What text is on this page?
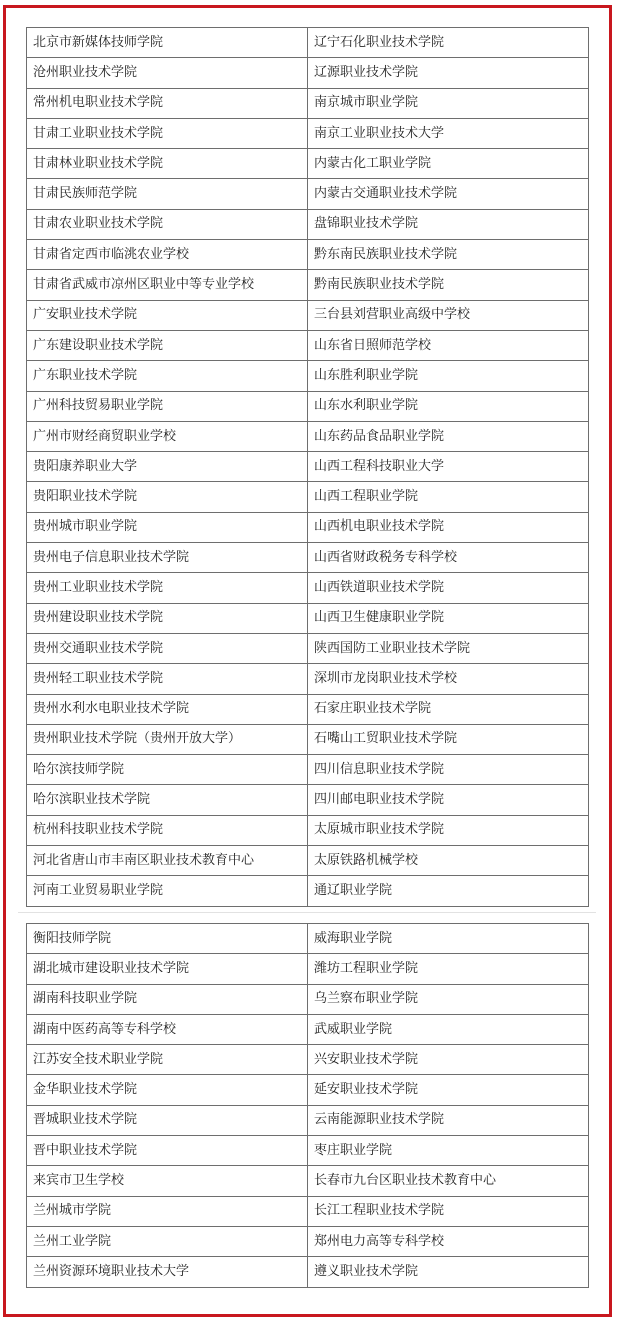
北京市新媒体技师学院	辽宁石化职业技术学院
沧州职业技术学院	辽源职业技术学院
常州机电职业技术学院	南京城市职业学院
甘肃工业职业技术学院	南京工业职业技术大学
甘肃林业职业技术学院	内蒙古化工职业学院
甘肃民族师范学院	内蒙古交通职业技术学院
甘肃农业职业技术学院	盘锦职业技术学院
甘肃省定西市临洮农业学校	黔东南民族职业技术学院
甘肃省武威市凉州区职业中等专业学校	黔南民族职业技术学院
广安职业技术学院	三台县刘营职业高级中学校
广东建设职业技术学院	山东省日照师范学校
广东职业技术学院	山东胜利职业学院
广州科技贸易职业学院	山东水利职业学院
广州市财经商贸职业学校	山东药品食品职业学院
贵阳康养职业大学	山西工程科技职业大学
贵阳职业技术学院	山西工程职业学院
贵州城市职业学院	山西机电职业技术学院
贵州电子信息职业技术学院	山西省财政税务专科学校
贵州工业职业技术学院	山西铁道职业技术学院
贵州建设职业技术学院	山西卫生健康职业学院
贵州交通职业技术学院	陕西国防工业职业技术学院
贵州轻工职业技术学院	深圳市龙岗职业技术学校
贵州水利水电职业技术学院	石家庄职业技术学院
贵州职业技术学院（贵州开放大学）	石嘴山工贸职业技术学院
哈尔滨技师学院	四川信息职业技术学院
哈尔滨职业技术学院	四川邮电职业技术学院
杭州科技职业技术学院	太原城市职业技术学院
河北省唐山市丰南区职业技术教育中心	太原铁路机械学校
河南工业贸易职业学院	通辽职业学院
衡阳技师学院	威海职业学院
湖北城市建设职业技术学院	潍坊工程职业学院
湖南科技职业学院	乌兰察布职业学院
湖南中医药高等专科学校	武威职业学院
江苏安全技术职业学院	兴安职业技术学院
金华职业技术学院	延安职业技术学院
晋城职业技术学院	云南能源职业技术学院
晋中职业技术学院	枣庄职业学院
来宾市卫生学校	长春市九台区职业技术教育中心
兰州城市学院	长江工程职业技术学院
兰州工业学院	郑州电力高等专科学校
兰州资源环境职业技术大学	遵义职业技术学院
